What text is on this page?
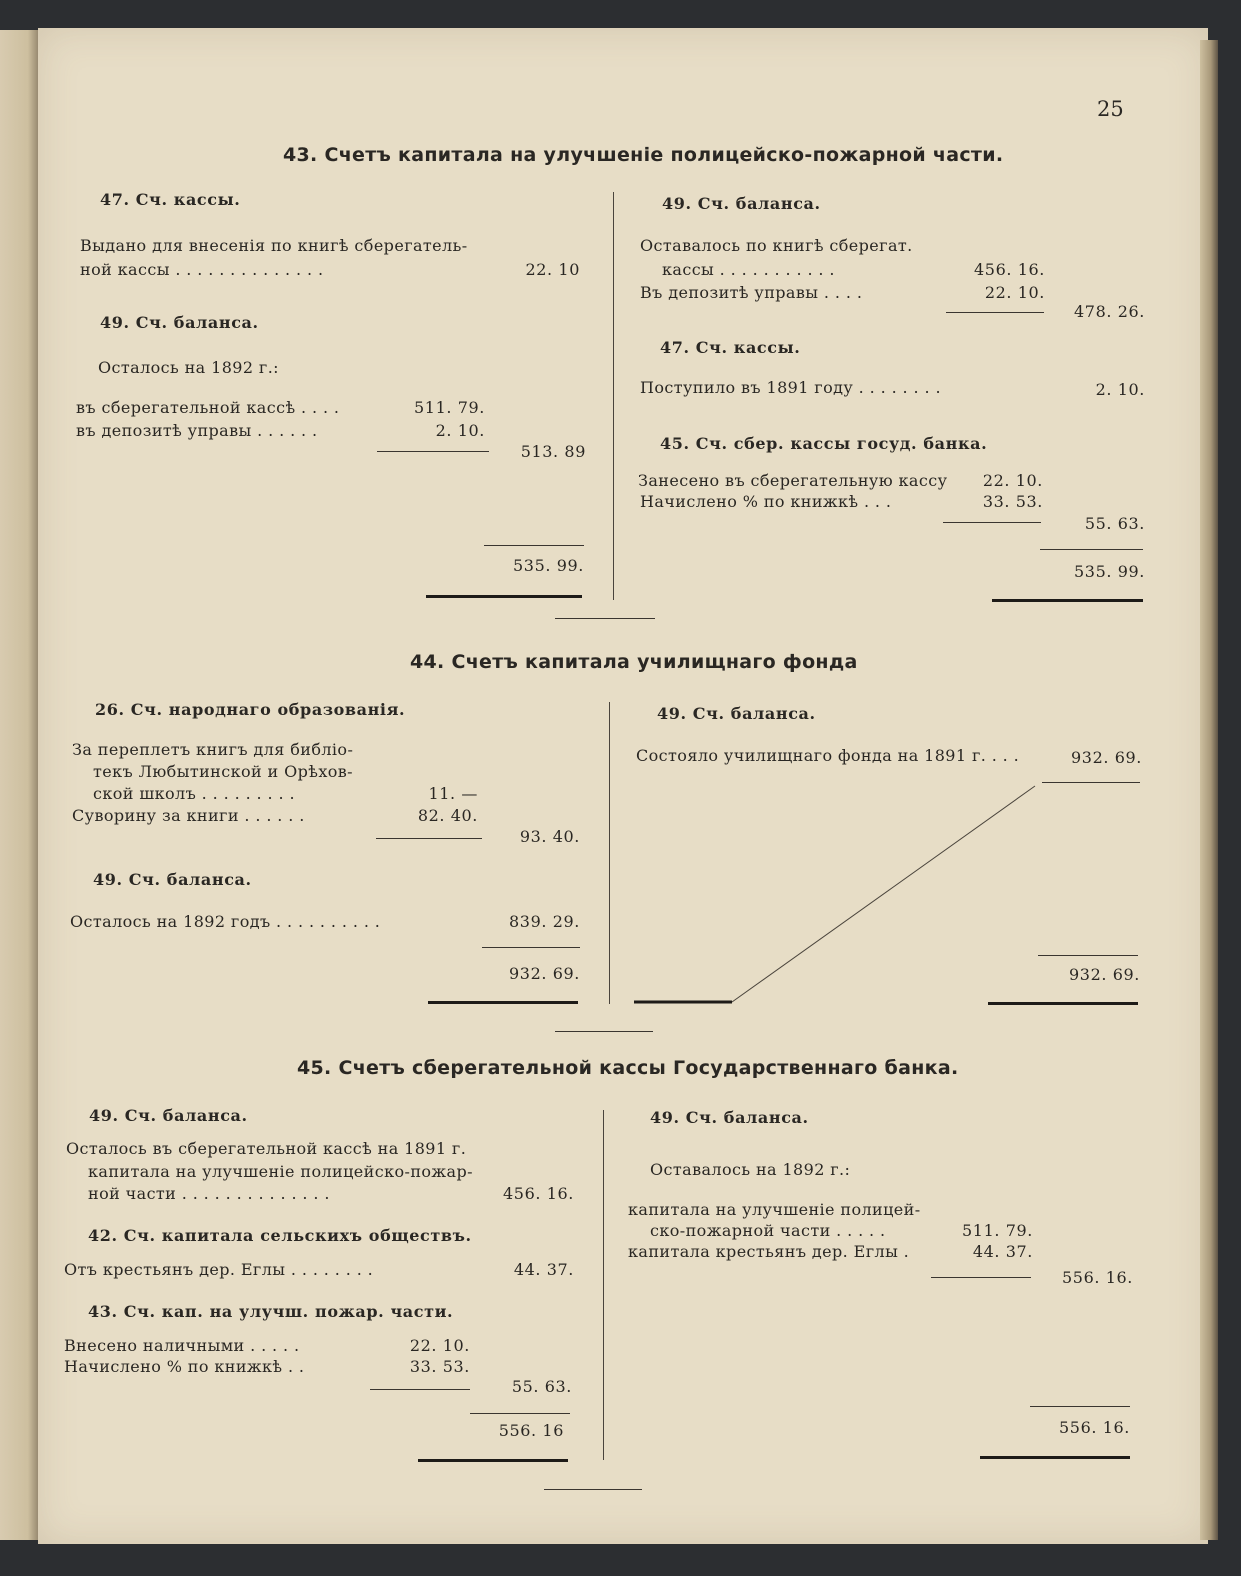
25
43. Счетъ капитала на улучшеніе полицейско-пожарной части.
47. Сч. кассы.
Выдано для внесенія по книгѣ сберегатель-
ной кассы . . . . . . . . . . . . . .	22. 10
49. Сч. баланса.
Осталось на 1892 г.:
въ сберегательной кассѣ . . . .	511. 79.
въ депозитѣ управы . . . . . .	2. 10.
513. 89
535. 99.
49. Сч. баланса.
Оставалось по книгѣ сберегат.
кассы . . . . . . . . . . .	456. 16.
Въ депозитѣ управы . . . .	22. 10.
478. 26.
47. Сч. кассы.
Поступило въ 1891 году . . . . . . . .	2. 10.
45. Сч. сбер. кассы госуд. банка.
Занесено въ сберегательную кассу	22. 10.
Начислено % по книжкѣ . . .	33. 53.
55. 63.
535. 99.
44. Счетъ капитала училищнаго фонда
26. Сч. народнаго образованія.
За переплетъ книгъ для библіо-
текъ Любытинской и Орѣхов-
ской школъ . . . . . . . . .	11. —
Суворину за книги . . . . . .	82. 40.
93. 40.
49. Сч. баланса.
Осталось на 1892 годъ . . . . . . . . . .	839. 29.
932. 69.
49. Сч. баланса.
Состояло училищнаго фонда на 1891 г. . . .	932. 69.
932. 69.
45. Счетъ сберегательной кассы Государственнаго банка.
49. Сч. баланса.
Осталось въ сберегательной кассѣ на 1891 г.
капитала на улучшеніе полицейско-пожар-
ной части . . . . . . . . . . . . . .	456. 16.
42. Сч. капитала сельскихъ обществъ.
Отъ крестьянъ дер. Еглы . . . . . . . .	44. 37.
43. Сч. кап. на улучш. пожар. части.
Внесено наличными . . . . .	22. 10.
Начислено % по книжкѣ . .	33. 53.
55. 63.
556. 16
49. Сч. баланса.
Оставалось на 1892 г.:
капитала на улучшеніе полицей-
ско-пожарной части . . . . .	511. 79.
капитала крестьянъ дер. Еглы .	44. 37.
556. 16.
556. 16.
